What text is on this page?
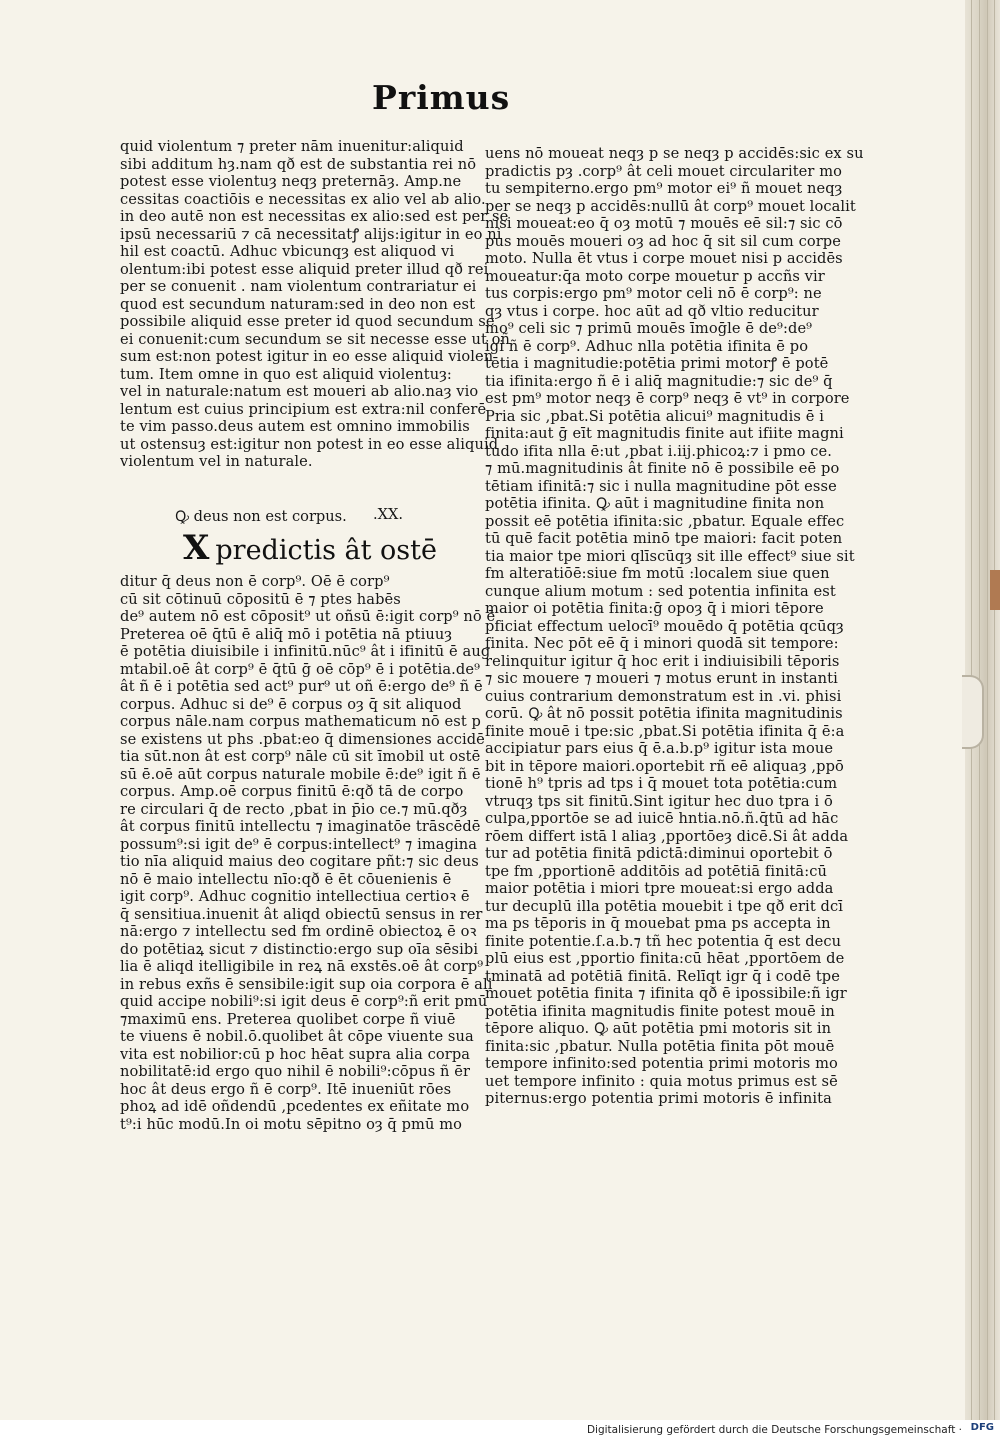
Primus
quid violentum ⁊ preter nām inuenitur:aliquid
sibi additum hȝ.nam qð est de substantia rei nō
potest esse violentuȝ neqȝ preternāȝ. Amp.ne
cessitas coactiōis e necessitas ex alio vel ab alio.
in deo autē non est necessitas ex alio:sed est per se
ipsū necessariū ⁊ cā necessitatꝭ alijs:igitur in eo ni
hil est coactū. Adhuc vbicunqȝ est aliquod vi
olentum:ibi potest esse aliquid preter illud qð rei
per se conuenit . nam violentum contrariatur ei
quod est secundum naturam:sed in deo non est
possibile aliquid esse preter id quod secundum se
ei conuenit:cum secundum se sit necesse esse ut oñ
sum est:non potest igitur in eo esse aliquid violen
tum. Item omne in quo est aliquid violentuȝ:
vel in naturale:natum est moueri ab alio.naȝ vio
lentum est cuius principium est extra:nil conferē
te vim passo.deus autem est omnino immobilis
ut ostensuȝ est:igitur non potest in eo esse aliquid
violentum vel in naturale.
Ꝙ deus non est corpus. .XX.
X predictis ât ostē
ditur q̄ deus non ē corp⁹. Oē ē corp⁹
cū sit cōtinuū cōpositū ē ⁊ ptes habēs
de⁹ autem nō est cōposit⁹ ut oñsū ē:igit corp⁹ nō ē
Preterea oē q̄tū ē aliq̄ mō i potētia nā ptiuuȝ
ē potētia diuisibile i infinitū.nūc⁹ ât i ifinitū ē aug
mtabil.oē ât corp⁹ ē q̄tū ḡ oē cōp⁹ ē i potētia.de⁹
ât ñ ē i potētia sed act⁹ pur⁹ ut oñ ē:ergo de⁹ ñ ē
corpus. Adhuc si de⁹ ē corpus oȝ q̄ sit aliquod
corpus nāle.nam corpus mathematicum nō est p
se existens ut phs .pbat:eo q̄ dimensiones accidē
tia sūt.non ât est corp⁹ nāle cū sit īmobil ut ostē
sū ē.oē aūt corpus naturale mobile ē:de⁹ igit ñ ē
corpus. Amp.oē corpus finitū ē:qð tā de corpo
re circulari q̄ de recto ,pbat in p̄io ce.⁊ mū.qðȝ
ât corpus finitū intellectu ⁊ imaginatōe trāscēdē
possum⁹:si igit de⁹ ē corpus:intellect⁹ ⁊ imagina
tio nīa aliquid maius deo cogitare pñt:⁊ sic deus
nō ē maio intellectu nīo:qð ē ēt cōuenienis ē
igit corp⁹. Adhuc cognitio intellectiua certioꝛ ē
q̄ sensitiua.inuenit ât aliqd obiectū sensus in rer
nā:ergo ⁊ intellectu sed fm ordinē obiectoꝝ ē oꝛ
do potētiaꝝ sicut ⁊ distinctio:ergo sup oīa sēsibi
lia ē aliqd itelligibile in reꝝ nā exstēs.oē ât corp⁹
in rebus exñs ē sensibile:igit sup oia corpora ē ali
quid accipe nobili⁹:si igit deus ē corp⁹:ñ erit pmū
⁊maximū ens. Preterea quolibet corpe ñ viuē
te viuens ē nobil.ō.quolibet ât cōpe viuente sua
vita est nobilior:cū p hoc hēat supra alia corpa
nobilitatē:id ergo quo nihil ē nobili⁹:cōpus ñ ēr
hoc ât deus ergo ñ ē corp⁹. Itē inueniūt rōes
phoꝝ ad idē oñdendū ,pcedentes ex eñitate mo
t⁹:i hūc modū.In oi motu sēpitno oȝ q̄ pmū mo
uens nō moueat neqȝ p se neqȝ p accidēs:sic ex su
pradictis pȝ .corp⁹ ât celi mouet circulariter mo
tu sempiterno.ergo pm⁹ motor ei⁹ ñ mouet neqȝ
per se neqȝ p accidēs:nullū ât corp⁹ mouet localit
nisi moueat:eo q̄ oȝ motū ⁊ mouēs eē sil:⁊ sic cō
pus mouēs moueri oȝ ad hoc q̄ sit sil cum corpe
moto. Nulla ēt vtus i corpe mouet nisi p accidēs
moueatur:q̄a moto corpe mouetur p accñs vir
tus corpis:ergo pm⁹ motor celi nō ē corp⁹: ne
qȝ vtus i corpe. hoc aūt ad qð vltio reducitur
mo⁹ celi sic ⁊ primū mouēs īmoḡle ē de⁹:de⁹
igi ñ ē corp⁹. Adhuc nl̄la potētia ifinita ē po
tētia i magnitudie:potētia primi motorꝭ ē potē
tia ifinita:ergo ñ ē i aliq̄ magnitudie:⁊ sic de⁹ q̄
est pm⁹ motor neqȝ ē corp⁹ neqȝ ē vt⁹ in corpore
Pria sic ,pbat.Si potētia alicui⁹ magnitudis ē i
finita:aut ḡ eīt magnitudis finite aut ifiite magni
tudo ifita nl̄la ē:ut ,pbat i.iij.phicoꝝ:⁊ i pmo ce.
⁊ mū.magnitudinis ât finite nō ē possibile eē po
tētiam ifinitā:⁊ sic i nulla magnitudine pōt esse
potētia ifinita. Ꝙ aūt i magnitudine finita non
possit eē potētia ifinita:sic ,pbatur. Equale effec
tū quē facit potētia minō tpe maiori: facit poten
tia maior tpe miori qlīscūqȝ sit ille effect⁹ siue sit
fm alteratiōē:siue fm motū :localem siue quen
cunque alium motum : sed potentia infinita est
maior oi potētia finita:ḡ opoȝ q̄ i miori tēpore
pficiat effectum uelocī⁹ mouēdo q̄ potētia qcūqȝ
finita. Nec pōt eē q̄ i minori quodā sit tempore:
relinquitur igitur q̄ hoc erit i indiuisibili tēporis
⁊ sic mouere ⁊ moueri ⁊ motus erunt in instanti
cuius contrarium demonstratum est in .vi. phisi
corū. Ꝙ ât nō possit potētia ifinita magnitudinis
finite mouē i tpe:sic ,pbat.Si potētia ifinita q̄ ē:a
accipiatur pars eius q̄ ē.a.b.p⁹ igitur ista moue
bit in tēpore maiori.oportebit rñ eē aliquaȝ ,ppō
tionē h⁹ tpris ad tps i q̄ mouet tota potētia:cum
vtruqȝ tps sit finitū.Sint igitur hec duo tpra i ō
culpa,pportōe se ad iuicē hntia.nō.ñ.q̄tū ad hāc
rōem differt istā l aliaȝ ,pportōeȝ dicē.Si ât adda
tur ad potētia finitā pdictā:diminui oportebit ō
tpe fm ,pportionē additōis ad potētiā finitā:cū
maior potētia i miori tpre moueat:si ergo adda
tur decuplū illa potētia mouebit i tpe qð erit dcī
ma ps tēporis in q̄ mouebat pma ps accepta in
finite potentie.ſ.a.b.⁊ tñ hec potentia q̄ est decu
plū eius est ,pportio finita:cū hēat ,pportōem de
tminatā ad potētiā finitā. Relīqt igr q̄ i codē tpe
mouet potētia finita ⁊ ifinita qð ē ipossibile:ñ igr
potētia ifinita magnitudis finite potest mouē in
tēpore aliquo. Ꝙ aūt potētia pmi motoris sit in
finita:sic ,pbatur. Nulla potētia finita pōt mouē
tempore infinito:sed potentia primi motoris mo
uet tempore infinito : quia motus primus est sē
piternus:ergo potentia primi motoris ē infinita
Digitalisierung gefördert durch die Deutsche Forschungsgemeinschaft · DFG
